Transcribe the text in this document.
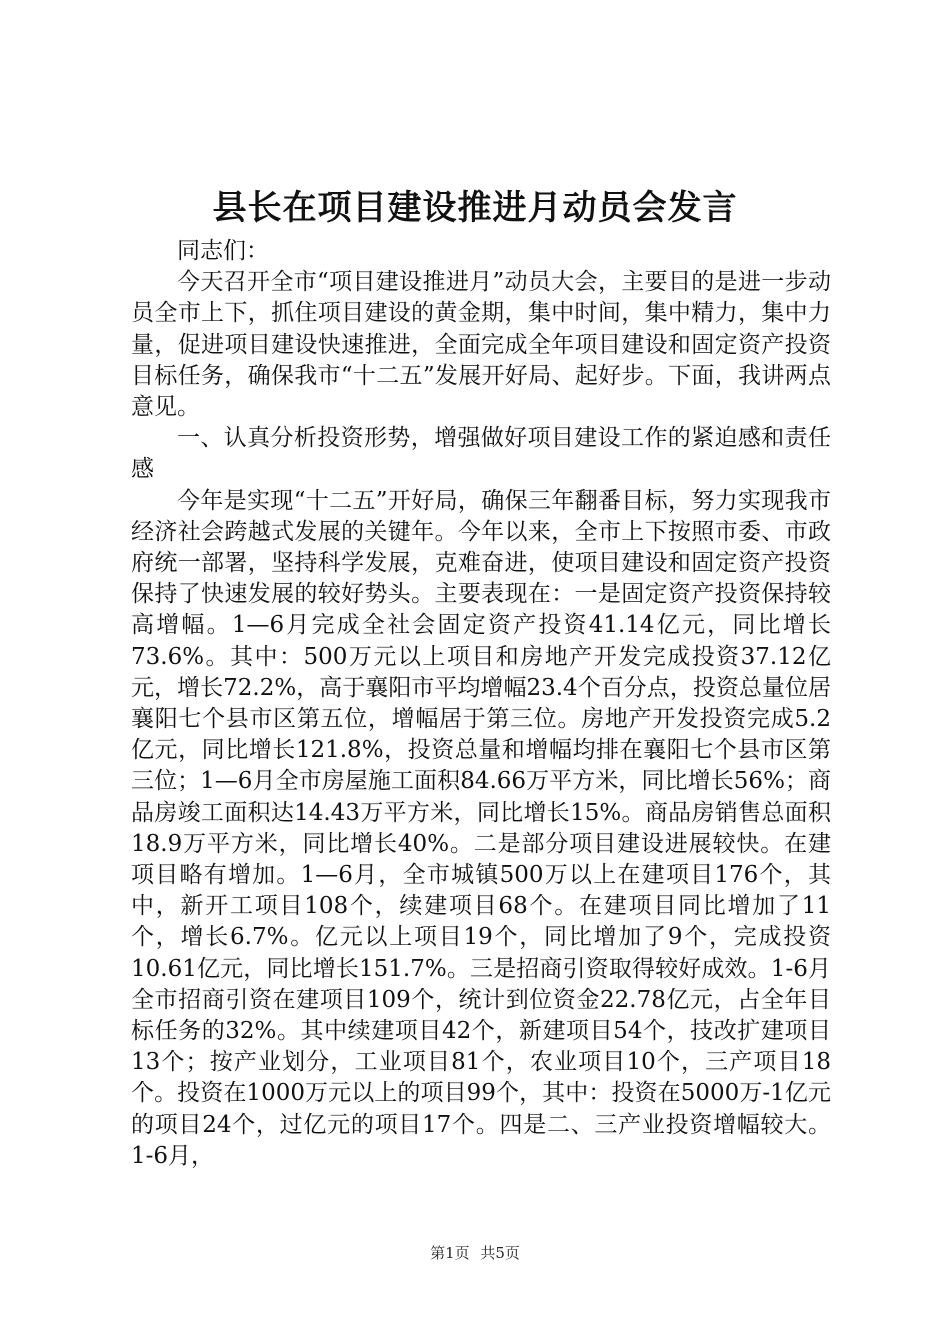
县长在项目建设推进月动员会发言

同志们：

今天召开全市“项目建设推进月”动员大会，主要目的是进一步动员全市上下，抓住项目建设的黄金期，集中时间，集中精力，集中力量，促进项目建设快速推进，全面完成全年项目建设和固定资产投资目标任务，确保我市“十二五”发展开好局、起好步。下面，我讲两点意见。

一、认真分析投资形势，增强做好项目建设工作的紧迫感和责任感

今年是实现“十二五”开好局，确保三年翻番目标，努力实现我市经济社会跨越式发展的关键年。今年以来，全市上下按照市委、市政府统一部署，坚持科学发展，克难奋进，使项目建设和固定资产投资保持了快速发展的较好势头。主要表现在：一是固定资产投资保持较高增幅。1—6月完成全社会固定资产投资41.14亿元，同比增长73.6%。其中：500万元以上项目和房地产开发完成投资37.12亿元，增长72.2%，高于襄阳市平均增幅23.4个百分点，投资总量位居襄阳七个县市区第五位，增幅居于第三位。房地产开发投资完成5.2亿元，同比增长121.8%，投资总量和增幅均排在襄阳七个县市区第三位；1—6月全市房屋施工面积84.66万平方米，同比增长56%；商品房竣工面积达14.43万平方米，同比增长15%。商品房销售总面积18.9万平方米，同比增长40%。二是部分项目建设进展较快。在建项目略有增加。1—6月，全市城镇500万以上在建项目176个，其中，新开工项目108个，续建项目68个。在建项目同比增加了11个，增长6.7%。亿元以上项目19个，同比增加了9个，完成投资10.61亿元，同比增长151.7%。三是招商引资取得较好成效。1-6月全市招商引资在建项目109个，统计到位资金22.78亿元，占全年目标任务的32%。其中续建项目42个，新建项目54个，技改扩建项目13个；按产业划分，工业项目81个，农业项目10个，三产项目18个。投资在1000万元以上的项目99个，其中：投资在5000万-1亿元的项目24个，过亿元的项目17个。四是二、三产业投资增幅较大。1-6月，

第1页 共5页
